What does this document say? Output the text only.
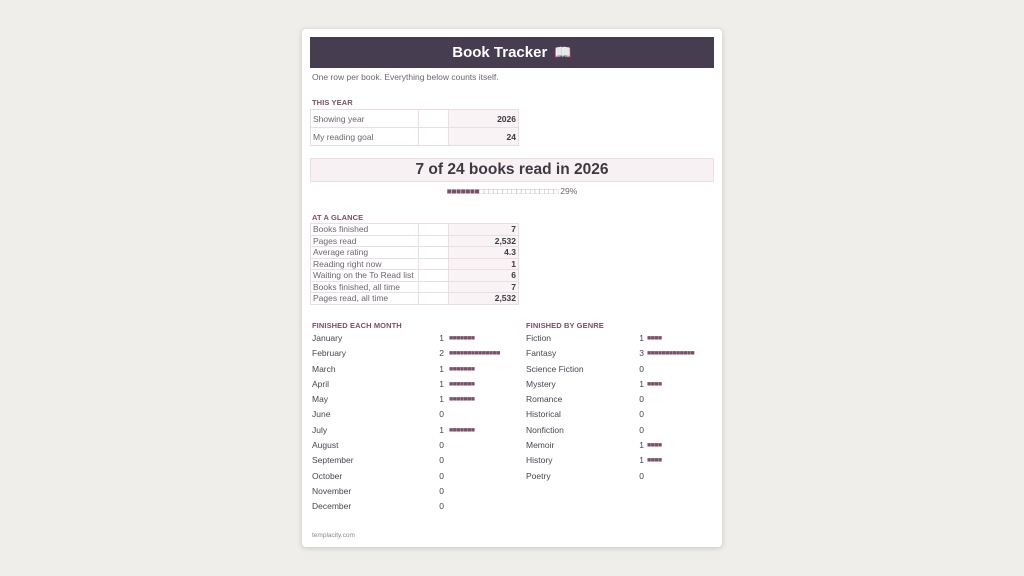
Book Tracker 📖
One row per book. Everything below counts itself.
THIS YEAR
Showing year		2026
My reading goal		24
7 of 24 books read in 2026
■■■■■■■□□□□□□□□□□□□□□□□□ 29%
AT A GLANCE
Books finished		7
Pages read		2,532
Average rating		4.3
Reading right now		1
Waiting on the To Read list		6
Books finished, all time		7
Pages read, all time		2,532
FINISHED EACH MONTH
January	1 ■■■■■■■
February	2 ■■■■■■■■■■■■■■
March	1 ■■■■■■■
April	1 ■■■■■■■
May	1 ■■■■■■■
June	0
July	1 ■■■■■■■
August	0
September	0
October	0
November	0
December	0
FINISHED BY GENRE
Fiction	1 ■■■■
Fantasy	3 ■■■■■■■■■■■■■
Science Fiction	0
Mystery	1 ■■■■
Romance	0
Historical	0
Nonfiction	0
Memoir	1 ■■■■
History	1 ■■■■
Poetry	0
templacity.com
